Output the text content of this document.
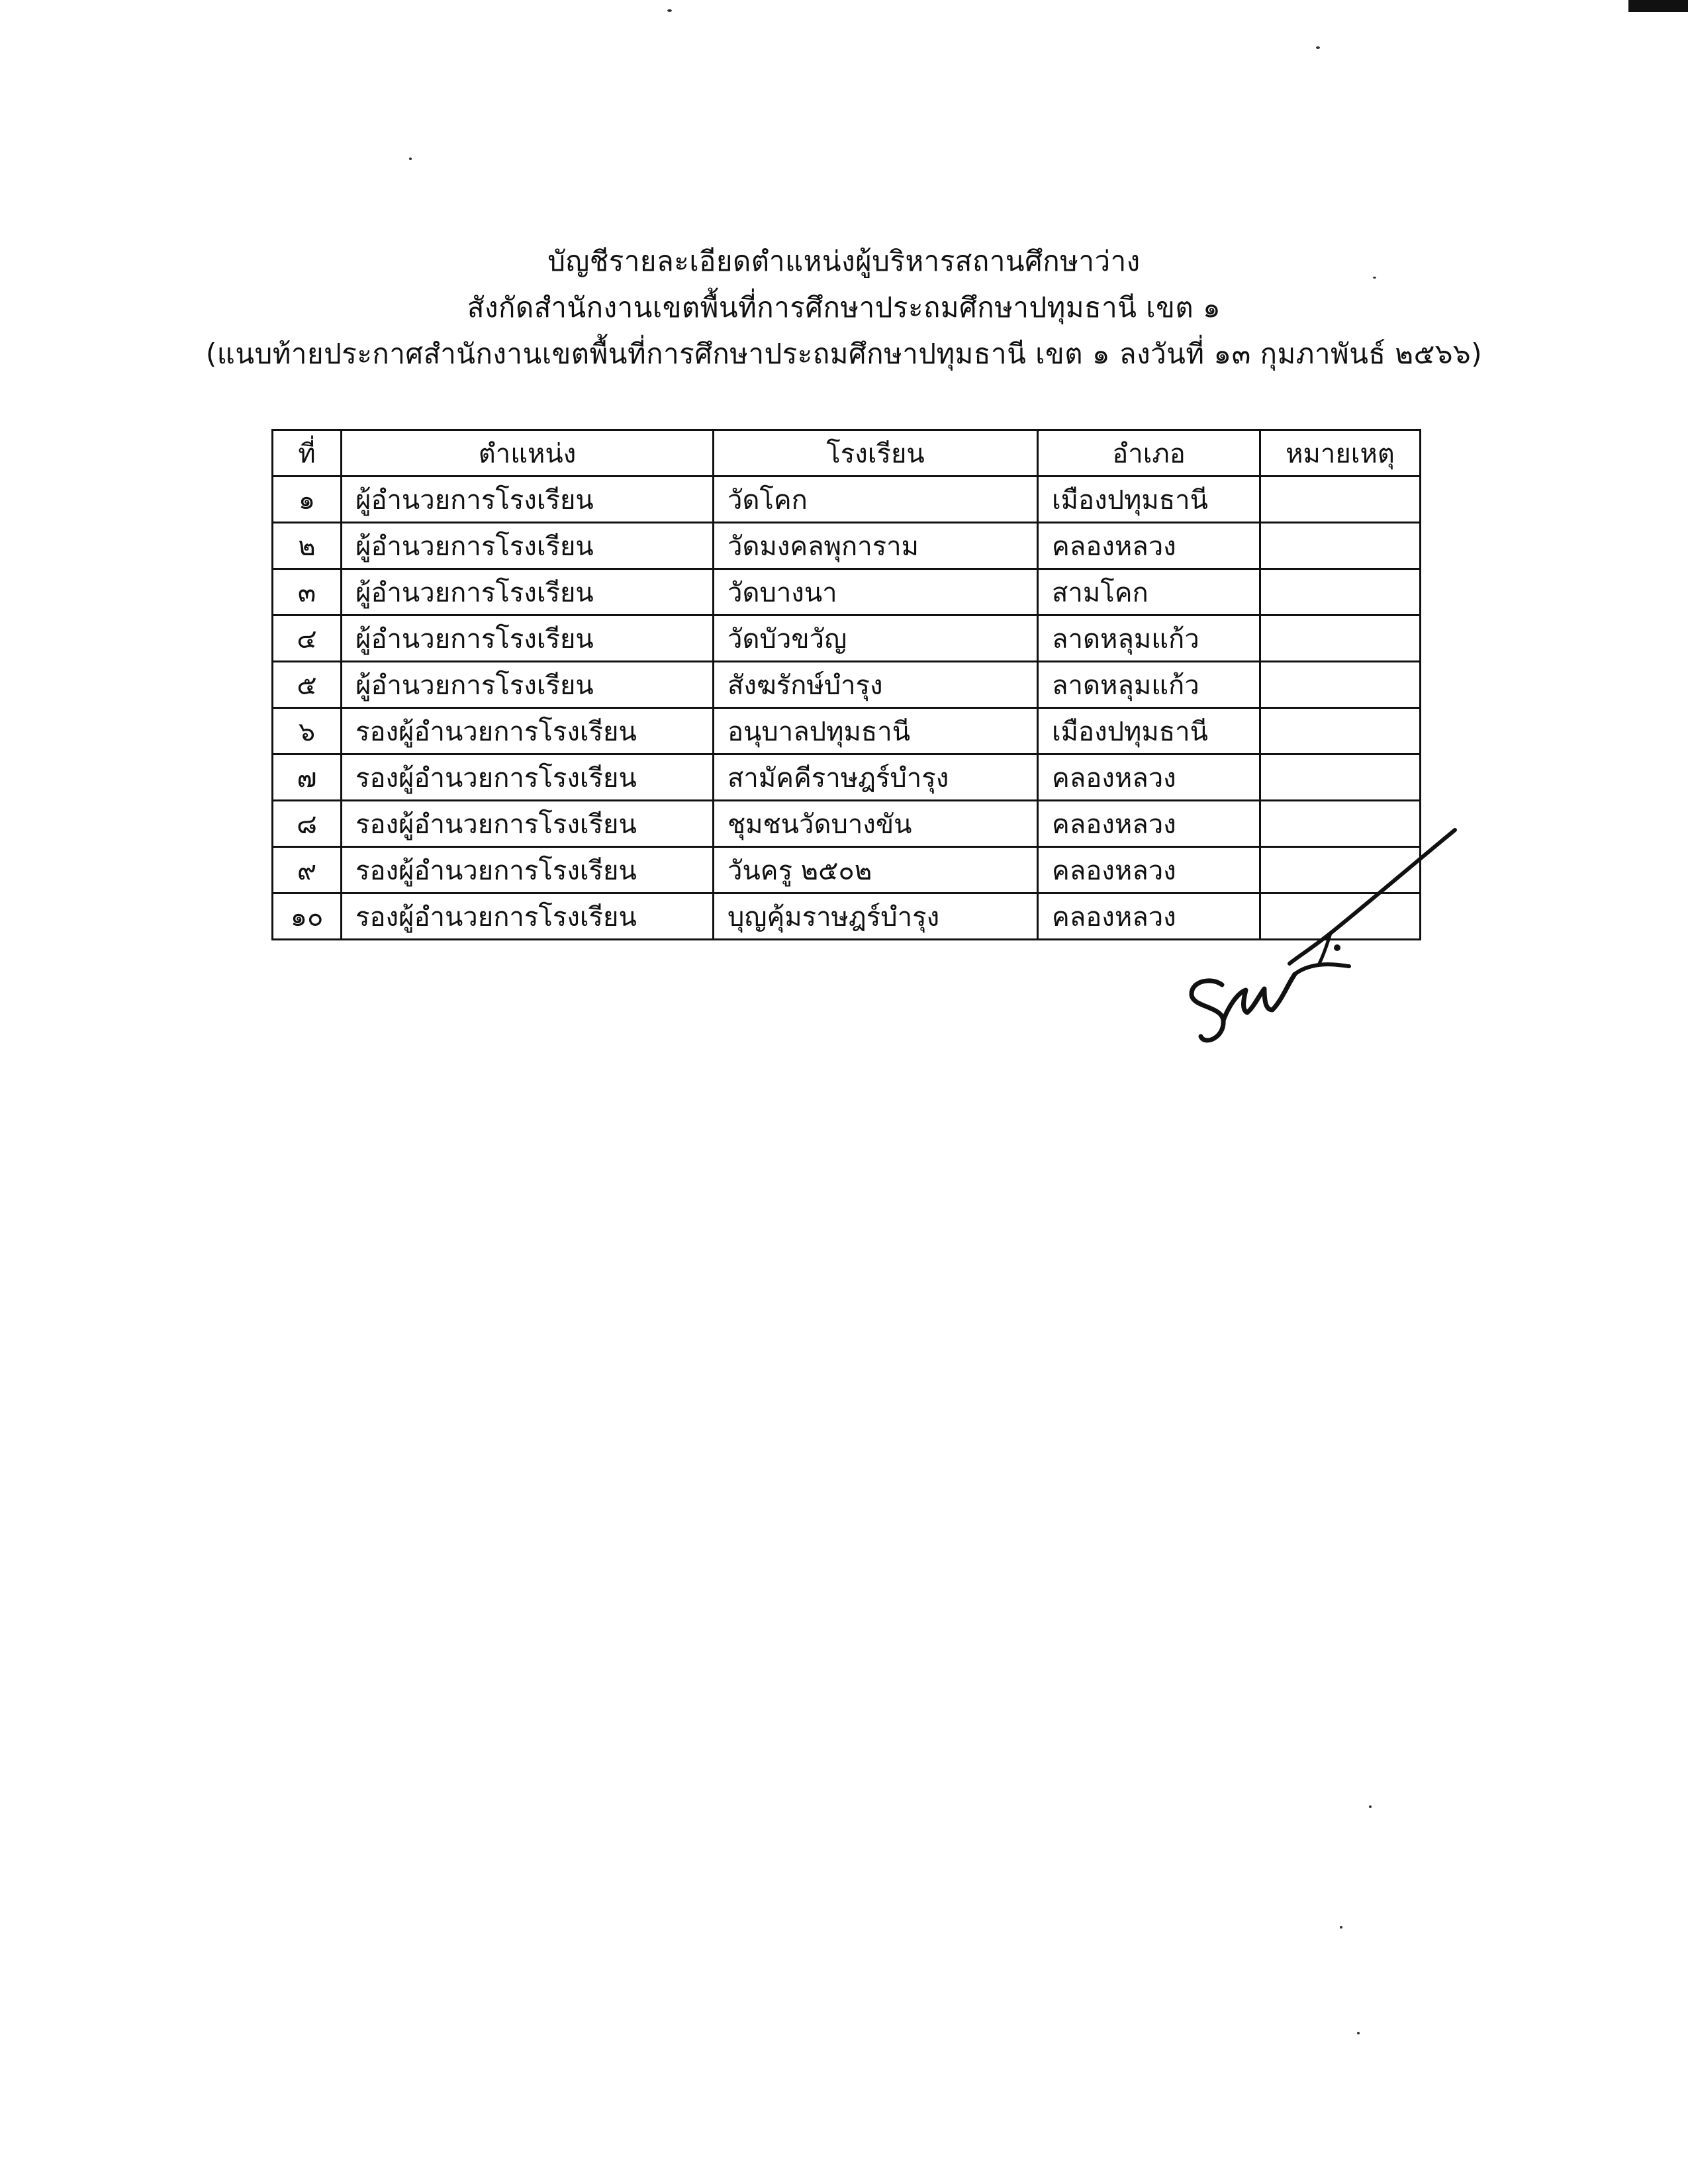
บัญชีรายละเอียดตำแหน่งผู้บริหารสถานศึกษาว่าง
สังกัดสำนักงานเขตพื้นที่การศึกษาประถมศึกษาปทุมธานี เขต ๑
(แนบท้ายประกาศสำนักงานเขตพื้นที่การศึกษาประถมศึกษาปทุมธานี เขต ๑ ลงวันที่ ๑๓ กุมภาพันธ์ ๒๕๖๖)
ที่	ตำแหน่ง	โรงเรียน	อำเภอ	หมายเหตุ
๑	ผู้อำนวยการโรงเรียน	วัดโคก	เมืองปทุมธานี	
๒	ผู้อำนวยการโรงเรียน	วัดมงคลพุการาม	คลองหลวง	
๓	ผู้อำนวยการโรงเรียน	วัดบางนา	สามโคก	
๔	ผู้อำนวยการโรงเรียน	วัดบัวขวัญ	ลาดหลุมแก้ว	
๕	ผู้อำนวยการโรงเรียน	สังฆรักษ์บำรุง	ลาดหลุมแก้ว	
๖	รองผู้อำนวยการโรงเรียน	อนุบาลปทุมธานี	เมืองปทุมธานี	
๗	รองผู้อำนวยการโรงเรียน	สามัคคีราษฎร์บำรุง	คลองหลวง	
๘	รองผู้อำนวยการโรงเรียน	ชุมชนวัดบางขัน	คลองหลวง	
๙	รองผู้อำนวยการโรงเรียน	วันครู ๒๕๐๒	คลองหลวง	
๑๐	รองผู้อำนวยการโรงเรียน	บุญคุ้มราษฎร์บำรุง	คลองหลวง	
